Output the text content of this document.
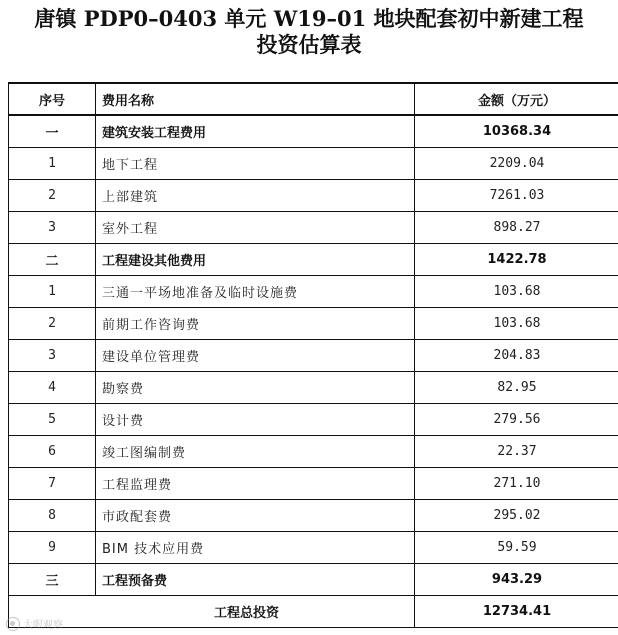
唐镇 PDP0–0403 单元 W19–01 地块配套初中新建工程
投资估算表
序号	费用名称	金额（万元）
一	建筑安装工程费用	10368.34
1	地下工程	2209.04
2	上部建筑	7261.03
3	室外工程	898.27
二	工程建设其他费用	1422.78
1	三通一平场地准备及临时设施费	103.68
2	前期工作咨询费	103.68
3	建设单位管理费	204.83
4	勘察费	82.95
5	设计费	279.56
6	竣工图编制费	22.37
7	工程监理费	271.10
8	市政配套费	295.02
9	BIM 技术应用费	59.59
三	工程预备费	943.29
工程总投资		12734.41
大眼观察
